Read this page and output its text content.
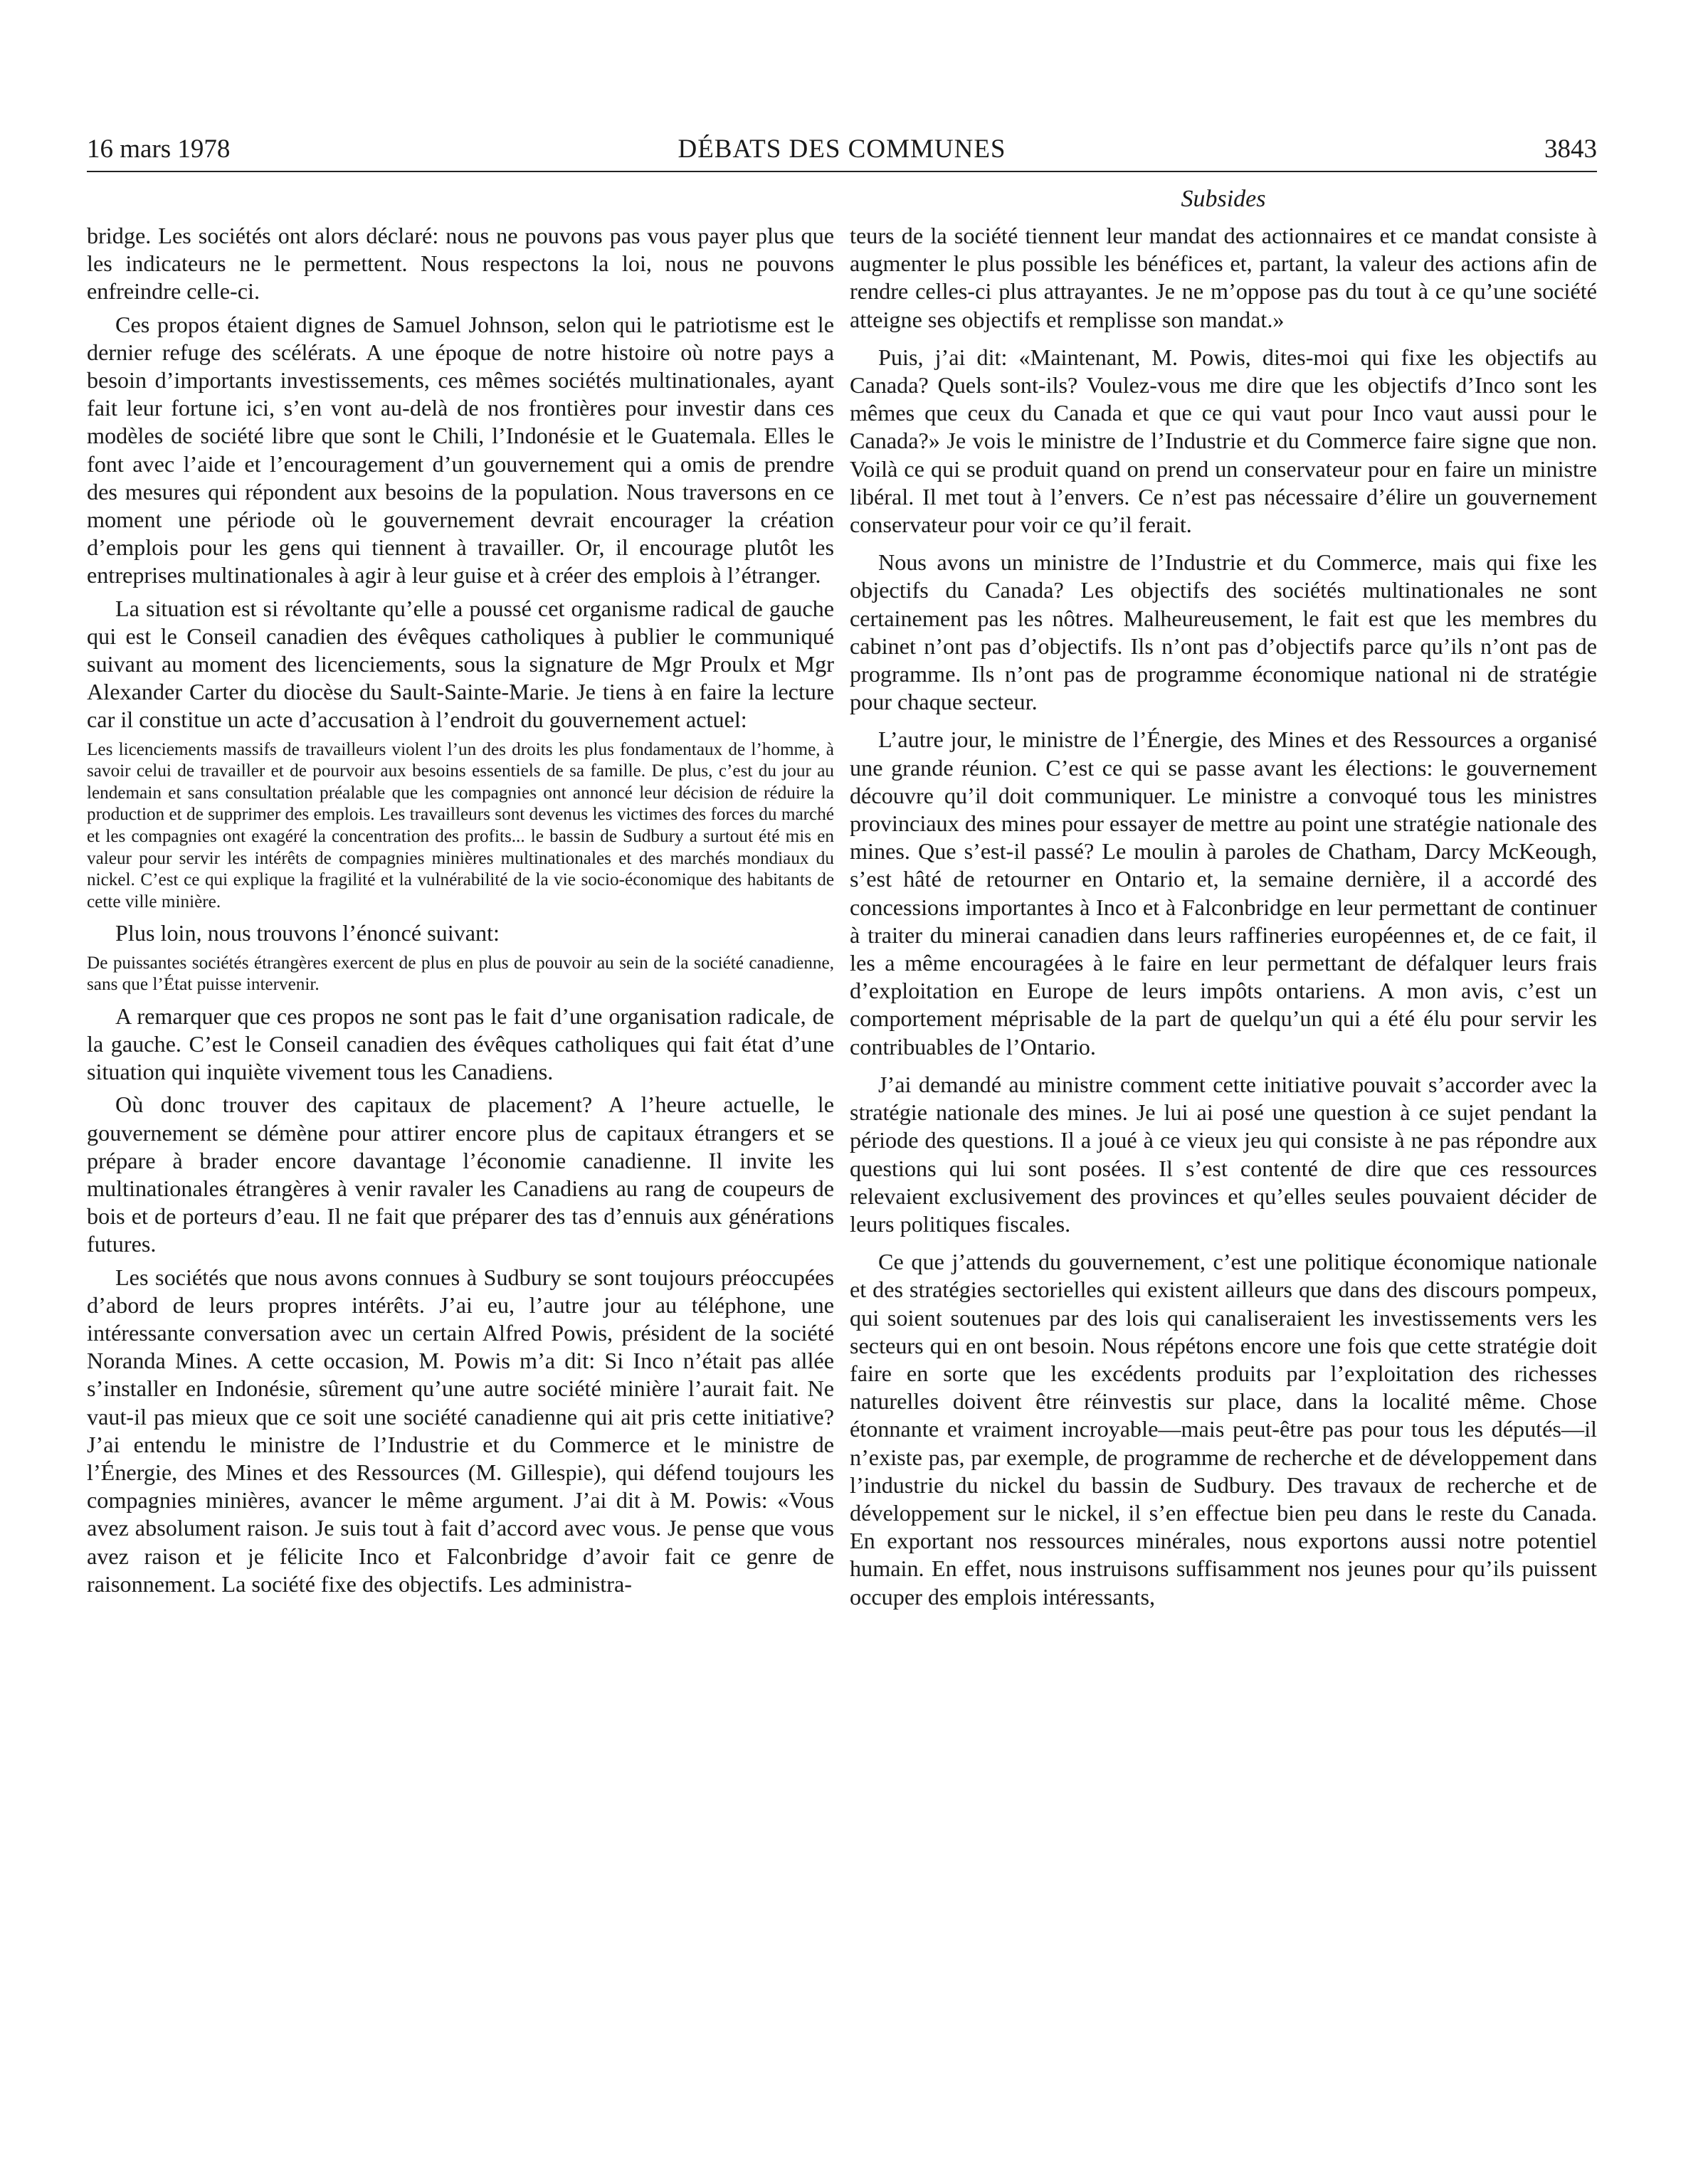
16 mars 1978	DÉBATS DES COMMUNES	3843
Subsides

bridge. Les sociétés ont alors déclaré: nous ne pouvons pas vous payer plus que les indicateurs ne le permettent. Nous respectons la loi, nous ne pouvons enfreindre celle-ci.

Ces propos étaient dignes de Samuel Johnson, selon qui le patriotisme est le dernier refuge des scélérats. A une époque de notre histoire où notre pays a besoin d’importants investissements, ces mêmes sociétés multinationales, ayant fait leur fortune ici, s’en vont au-delà de nos frontières pour investir dans ces modèles de société libre que sont le Chili, l’Indonésie et le Guatemala. Elles le font avec l’aide et l’encouragement d’un gouvernement qui a omis de prendre des mesures qui répondent aux besoins de la population. Nous traversons en ce moment une période où le gouvernement devrait encourager la création d’emplois pour les gens qui tiennent à travailler. Or, il encourage plutôt les entreprises multinationales à agir à leur guise et à créer des emplois à l’étranger.

La situation est si révoltante qu’elle a poussé cet organisme radical de gauche qui est le Conseil canadien des évêques catholiques à publier le communiqué suivant au moment des licenciements, sous la signature de Mgr Proulx et Mgr Alexander Carter du diocèse du Sault-Sainte-Marie. Je tiens à en faire la lecture car il constitue un acte d’accusation à l’endroit du gouvernement actuel:

Les licenciements massifs de travailleurs violent l’un des droits les plus fondamentaux de l’homme, à savoir celui de travailler et de pourvoir aux besoins essentiels de sa famille. De plus, c’est du jour au lendemain et sans consultation préalable que les compagnies ont annoncé leur décision de réduire la production et de supprimer des emplois. Les travailleurs sont devenus les victimes des forces du marché et les compagnies ont exagéré la concentration des profits... le bassin de Sudbury a surtout été mis en valeur pour servir les intérêts de compagnies minières multinationales et des marchés mondiaux du nickel. C’est ce qui explique la fragilité et la vulnérabilité de la vie socio-économique des habitants de cette ville minière.

Plus loin, nous trouvons l’énoncé suivant:

De puissantes sociétés étrangères exercent de plus en plus de pouvoir au sein de la société canadienne, sans que l’État puisse intervenir.

A remarquer que ces propos ne sont pas le fait d’une organisation radicale, de la gauche. C’est le Conseil canadien des évêques catholiques qui fait état d’une situation qui inquiète vivement tous les Canadiens.

Où donc trouver des capitaux de placement? A l’heure actuelle, le gouvernement se démène pour attirer encore plus de capitaux étrangers et se prépare à brader encore davantage l’économie canadienne. Il invite les multinationales étrangères à venir ravaler les Canadiens au rang de coupeurs de bois et de porteurs d’eau. Il ne fait que préparer des tas d’ennuis aux générations futures.

Les sociétés que nous avons connues à Sudbury se sont toujours préoccupées d’abord de leurs propres intérêts. J’ai eu, l’autre jour au téléphone, une intéressante conversation avec un certain Alfred Powis, président de la société Noranda Mines. A cette occasion, M. Powis m’a dit: Si Inco n’était pas allée s’installer en Indonésie, sûrement qu’une autre société minière l’aurait fait. Ne vaut-il pas mieux que ce soit une société canadienne qui ait pris cette initiative? J’ai entendu le ministre de l’Industrie et du Commerce et le ministre de l’Énergie, des Mines et des Ressources (M. Gillespie), qui défend toujours les compagnies minières, avancer le même argument. J’ai dit à M. Powis: «Vous avez absolument raison. Je suis tout à fait d’accord avec vous. Je pense que vous avez raison et je félicite Inco et Falconbridge d’avoir fait ce genre de raisonnement. La société fixe des objectifs. Les administra-

teurs de la société tiennent leur mandat des actionnaires et ce mandat consiste à augmenter le plus possible les bénéfices et, partant, la valeur des actions afin de rendre celles-ci plus attrayantes. Je ne m’oppose pas du tout à ce qu’une société atteigne ses objectifs et remplisse son mandat.»

Puis, j’ai dit: «Maintenant, M. Powis, dites-moi qui fixe les objectifs au Canada? Quels sont-ils? Voulez-vous me dire que les objectifs d’Inco sont les mêmes que ceux du Canada et que ce qui vaut pour Inco vaut aussi pour le Canada?» Je vois le ministre de l’Industrie et du Commerce faire signe que non. Voilà ce qui se produit quand on prend un conservateur pour en faire un ministre libéral. Il met tout à l’envers. Ce n’est pas nécessaire d’élire un gouvernement conservateur pour voir ce qu’il ferait.

Nous avons un ministre de l’Industrie et du Commerce, mais qui fixe les objectifs du Canada? Les objectifs des sociétés multinationales ne sont certainement pas les nôtres. Malheureusement, le fait est que les membres du cabinet n’ont pas d’objectifs. Ils n’ont pas d’objectifs parce qu’ils n’ont pas de programme. Ils n’ont pas de programme économique national ni de stratégie pour chaque secteur.

L’autre jour, le ministre de l’Énergie, des Mines et des Ressources a organisé une grande réunion. C’est ce qui se passe avant les élections: le gouvernement découvre qu’il doit communiquer. Le ministre a convoqué tous les ministres provinciaux des mines pour essayer de mettre au point une stratégie nationale des mines. Que s’est-il passé? Le moulin à paroles de Chatham, Darcy McKeough, s’est hâté de retourner en Ontario et, la semaine dernière, il a accordé des concessions importantes à Inco et à Falconbridge en leur permettant de continuer à traiter du minerai canadien dans leurs raffineries européennes et, de ce fait, il les a même encouragées à le faire en leur permettant de défalquer leurs frais d’exploitation en Europe de leurs impôts ontariens. A mon avis, c’est un comportement méprisable de la part de quelqu’un qui a été élu pour servir les contribuables de l’Ontario.

J’ai demandé au ministre comment cette initiative pouvait s’accorder avec la stratégie nationale des mines. Je lui ai posé une question à ce sujet pendant la période des questions. Il a joué à ce vieux jeu qui consiste à ne pas répondre aux questions qui lui sont posées. Il s’est contenté de dire que ces ressources relevaient exclusivement des provinces et qu’elles seules pouvaient décider de leurs politiques fiscales.

Ce que j’attends du gouvernement, c’est une politique économique nationale et des stratégies sectorielles qui existent ailleurs que dans des discours pompeux, qui soient soutenues par des lois qui canaliseraient les investissements vers les secteurs qui en ont besoin. Nous répétons encore une fois que cette stratégie doit faire en sorte que les excédents produits par l’exploitation des richesses naturelles doivent être réinvestis sur place, dans la localité même. Chose étonnante et vraiment incroyable—mais peut-être pas pour tous les députés—il n’existe pas, par exemple, de programme de recherche et de développement dans l’industrie du nickel du bassin de Sudbury. Des travaux de recherche et de développement sur le nickel, il s’en effectue bien peu dans le reste du Canada. En exportant nos ressources minérales, nous exportons aussi notre potentiel humain. En effet, nous instruisons suffisamment nos jeunes pour qu’ils puissent occuper des emplois intéressants,
